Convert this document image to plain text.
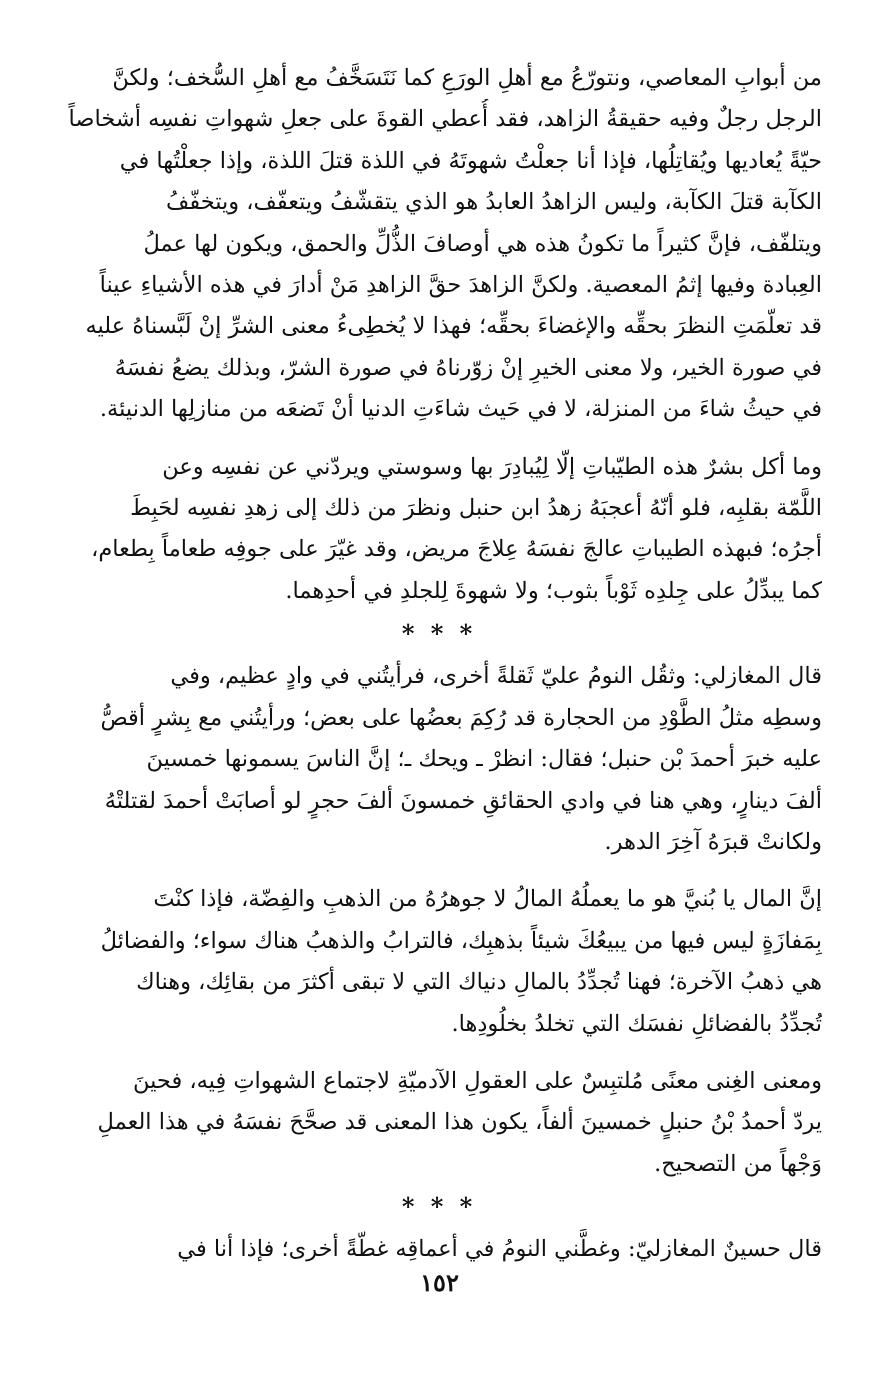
من أبوابِ المعاصي، ونتورّعُ مع أهلِ الورَعِ كما نَتَسَخَّفُ مع أهلِ السُّخف؛ ولكنَّ
الرجل رجلٌ وفيه حقيقةُ الزاهد، فقد أُعطي القوةَ على جعلِ شهواتِ نفسِه أشخاصاً
حيّةً يُعاديها ويُقاتِلُها، فإذا أنا جعلْتُ شهوتَهُ في اللذة قتلَ اللذة، وإذا جعلْتُها في
الكآبة قتلَ الكآبة، وليس الزاهدُ العابدُ هو الذي يتقشّفُ ويتعفّف، ويتخفّفُ
ويتلفّف، فإنَّ كثيراً ما تكونُ هذه هي أوصافَ الذُّلِّ والحمق، ويكون لها عملُ
العِبادة وفيها إثمُ المعصية. ولكنَّ الزاهدَ حقَّ الزاهدِ مَنْ أدارَ في هذه الأشياءِ عيناً
قد تعلّمَتِ النظرَ بحقِّه والإغضاءَ بحقِّه؛ فهذا لا يُخطِىءُ معنى الشرِّ إنْ لَبَّسناهُ عليه
في صورة الخير، ولا معنى الخيرِ إنْ زوّرناهُ في صورة الشرّ، وبذلك يضعُ نفسَهُ
في حيثُ شاءَ من المنزلة، لا في حَيث شاءَتِ الدنيا أنْ تَضعَه من منازلِها الدنيئة.
وما أكل بشرٌ هذه الطيّباتِ إلّا لِيُبادِرَ بها وسوستي ويردّني عن نفسِه وعن
اللَّمّة بقلبِه، فلو أنّهُ أعجبَهُ زهدُ ابن حنبل ونظرَ من ذلك إلى زهدِ نفسِه لحَبِطَ
أجرُه؛ فبهذه الطيباتِ عالجَ نفسَهُ عِلاجَ مريض، وقد غيّرَ على جوفِه طعاماً بِطعام،
كما يبدِّلُ على جِلدِه ثَوْباً بثوب؛ ولا شهوةَ لِلجلدِ في أحدِهما.
* * *
قال المغازلي: وثقُل النومُ عليّ ثَقلةً أخرى، فرأيتُني في وادٍ عظيم، وفي
وسطِه مثلُ الطَّوْدِ من الحجارة قد رُكِمَ بعضُها على بعض؛ ورأيتُني مع بِشرٍ أقصُّ
عليه خبرَ أحمدَ بْن حنبل؛ فقال: انظرْ ـ ويحك ـ؛ إنَّ الناسَ يسمونها خمسينَ
ألفَ دينارٍ، وهي هنا في وادي الحقائقِ خمسونَ ألفَ حجرٍ لو أصابَتْ أحمدَ لقتلتْهُ
ولكانتْ قبرَهُ آخِرَ الدهر.
إنَّ المال يا بُنيَّ هو ما يعملُهُ المالُ لا جوهرُهُ من الذهبِ والفِضّة، فإذا كنْتَ
بِمَفازَةٍ ليس فيها من يبيعُكَ شيئاً بذهبِك، فالترابُ والذهبُ هناك سواء؛ والفضائلُ
هي ذهبُ الآخرة؛ فهنا تُجدِّدُ بالمالِ دنياك التي لا تبقى أكثرَ من بقائِك، وهناك
تُجدِّدُ بالفضائلِ نفسَك التي تخلدُ بخلُودِها.
ومعنى الغِنى معنًى مُلتبِسٌ على العقولِ الآدميّةِ لاجتماع الشهواتِ فِيه، فحينَ
يردّ أحمدُ بْنُ حنبلٍ خمسينَ ألفاً، يكون هذا المعنى قد صحَّحَ نفسَهُ في هذا العملِ
وَجْهاً من التصحيح.
* * *
قال حسينٌ المغازليّ: وغطَّني النومُ في أعماقِه غطّةً أخرى؛ فإذا أنا في
١٥٢
